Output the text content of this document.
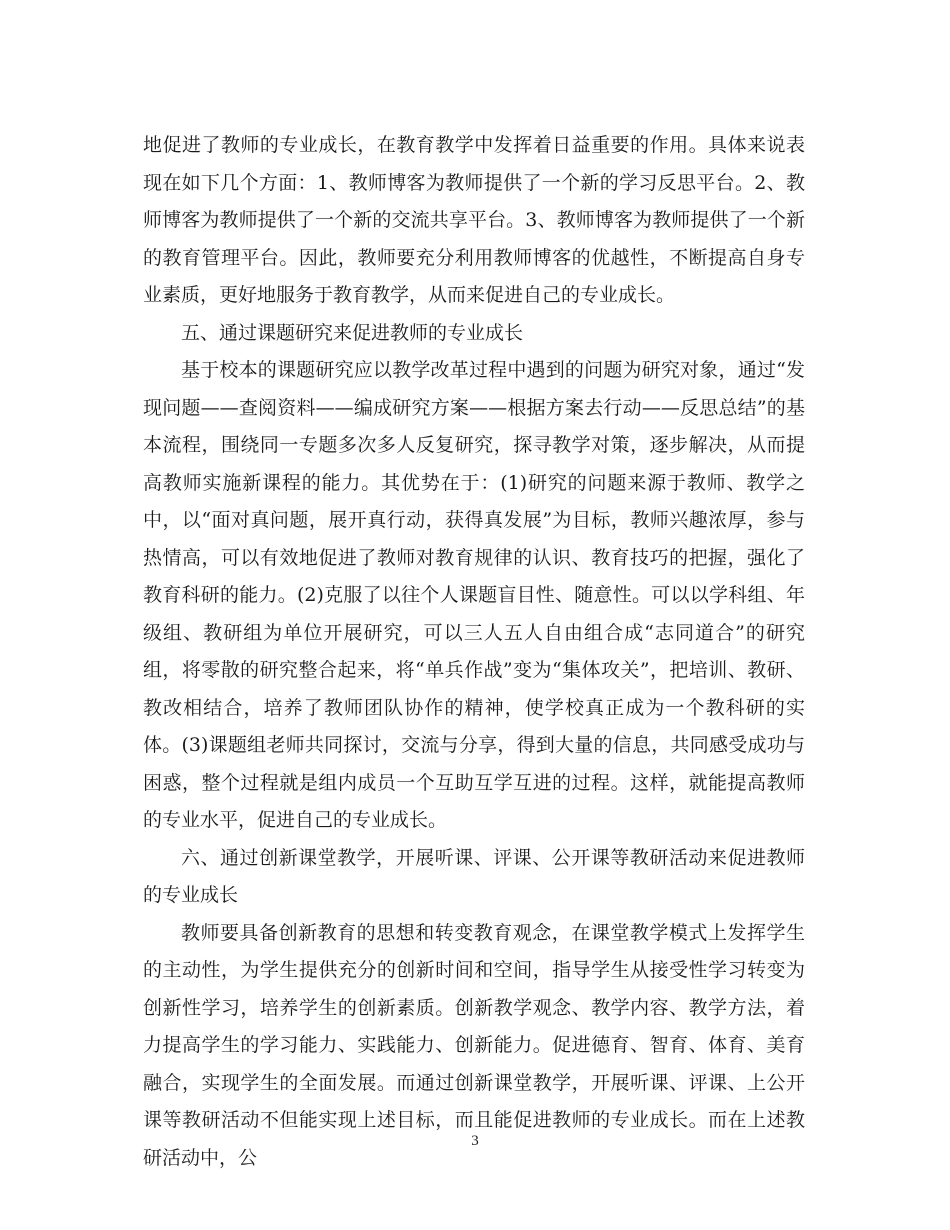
地促进了教师的专业成长，在教育教学中发挥着日益重要的作用。具体来说表现在如下几个方面：1、教师博客为教师提供了一个新的学习反思平台。2、教师博客为教师提供了一个新的交流共享平台。3、教师博客为教师提供了一个新的教育管理平台。因此，教师要充分利用教师博客的优越性，不断提高自身专业素质，更好地服务于教育教学，从而来促进自己的专业成长。

五、通过课题研究来促进教师的专业成长

基于校本的课题研究应以教学改革过程中遇到的问题为研究对象，通过“发现问题——查阅资料——编成研究方案——根据方案去行动——反思总结”的基本流程，围绕同一专题多次多人反复研究，探寻教学对策，逐步解决，从而提高教师实施新课程的能力。其优势在于：(1)研究的问题来源于教师、教学之中，以“面对真问题，展开真行动，获得真发展”为目标，教师兴趣浓厚，参与热情高，可以有效地促进了教师对教育规律的认识、教育技巧的把握，强化了教育科研的能力。(2)克服了以往个人课题盲目性、随意性。可以以学科组、年级组、教研组为单位开展研究，可以三人五人自由组合成“志同道合”的研究组，将零散的研究整合起来，将“单兵作战”变为“集体攻关”，把培训、教研、教改相结合，培养了教师团队协作的精神，使学校真正成为一个教科研的实体。(3)课题组老师共同探讨，交流与分享，得到大量的信息，共同感受成功与困惑，整个过程就是组内成员一个互助互学互进的过程。这样，就能提高教师的专业水平，促进自己的专业成长。

六、通过创新课堂教学，开展听课、评课、公开课等教研活动来促进教师的专业成长

教师要具备创新教育的思想和转变教育观念，在课堂教学模式上发挥学生的主动性，为学生提供充分的创新时间和空间，指导学生从接受性学习转变为创新性学习，培养学生的创新素质。创新教学观念、教学内容、教学方法，着力提高学生的学习能力、实践能力、创新能力。促进德育、智育、体育、美育融合，实现学生的全面发展。而通过创新课堂教学，开展听课、评课、上公开课等教研活动不但能实现上述目标，而且能促进教师的专业成长。而在上述教研活动中，公

3
